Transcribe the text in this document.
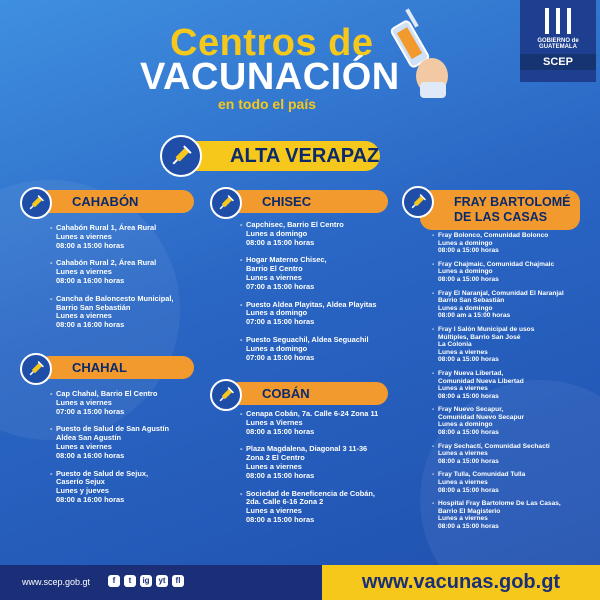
Centros de
VACUNACIÓN
en todo el país
GOBIERNO de
GUATEMALA
SCEP
ALTA VERAPAZ
CAHABÓN
- Cahabón Rural 1, Área Rural
Lunes a viernes
08:00 a 15:00 horas
- Cahabón Rural 2, Área Rural
Lunes a viernes
08:00 a 16:00 horas
- Cancha de Baloncesto Municipal,
Barrio San Sebastián
Lunes a viernes
08:00 a 16:00 horas
CHAHAL
- Cap Chahal, Barrio El Centro
Lunes a viernes
07:00 a 15:00 horas
- Puesto de Salud de San Agustín
Aldea San Agustín
Lunes a viernes
08:00 a 16:00 horas
- Puesto de Salud de Sejux,
Caserío Sejux
Lunes y jueves
08:00 a 16:00 horas
CHISEC
- Capchisec, Barrio El Centro
Lunes a domingo
08:00 a 15:00 horas
- Hogar Materno Chisec,
Barrio El Centro
Lunes a viernes
07:00 a 15:00 horas
- Puesto Aldea Playitas, Aldea Playitas
Lunes a domingo
07:00 a 15:00 horas
- Puesto Seguachil, Aldea Seguachil
Lunes a domingo
07:00 a 15:00 horas
COBÁN
- Cenapa Cobán, 7a. Calle 6-24 Zona 11
Lunes a Viernes
08:00 a 15:00 horas
- Plaza Magdalena, Diagonal 3 11-36
Zona 2 El Centro
Lunes a viernes
08:00 a 15:00 horas
- Sociedad de Beneficencia de Cobán,
2da. Calle 6-16 Zona 2
Lunes a viernes
08:00 a 15:00 horas
FRAY BARTOLOMÉ
DE LAS CASAS
- Fray Bolonco, Comunidad Bolonco
Lunes a domingo
08:00 a 15:00 horas
- Fray Chajmaic, Comunidad Chajmaic
Lunes a domingo
08:00 a 15:00 horas
- Fray El Naranjal, Comunidad El Naranjal
Barrio San Sebastián
Lunes a domingo
08:00 am a 15:00 horas
- Fray I Salón Municipal de usos
Múltiples, Barrio San José
La Colonia
Lunes a viernes
08:00 a 15:00 horas
- Fray Nueva Libertad,
Comunidad Nueva Libertad
Lunes a viernes
08:00 a 15:00 horas
- Fray Nuevo Secapur,
Comunidad Nuevo Secapur
Lunes a domingo
08:00 a 15:00 horas
- Fray Sechactí, Comunidad Sechactí
Lunes a viernes
08:00 a 15:00 horas
- Fray Tulla, Comunidad Tulla
Lunes a viernes
08:00 a 15:00 horas
- Hospital Fray Bartolome De Las Casas,
Barrio El Magisterio
Lunes a viernes
08:00 a 15:00 horas
www.scep.gob.gt	f	t	ig	yt	fl	www.vacunas.gob.gt
